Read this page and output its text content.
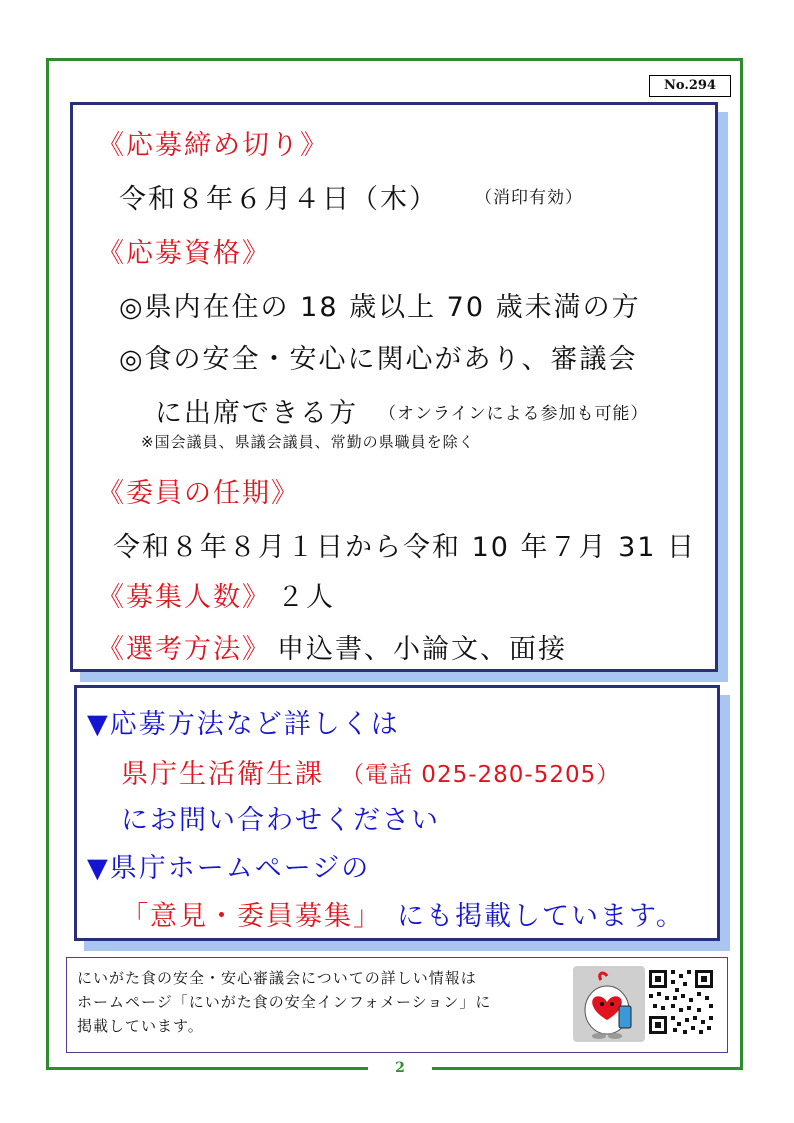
2
No.294
《応募締め切り》
令和８年６月４日（木） （消印有効）
《応募資格》
◎県内在住の 18 歳以上 70 歳未満の方
◎食の安全・安心に関心があり、審議会
に出席できる方 （オンラインによる参加も可能）
※国会議員、県議会議員、常勤の県職員を除く
《委員の任期》
令和８年８月１日から令和 10 年７月 31 日
《募集人数》 ２人
《選考方法》 申込書、小論文、面接
▼応募方法など詳しくは
県庁生活衛生課 （電話 025-280-5205）
にお問い合わせください
▼県庁ホームページの
「意見・委員募集」 にも掲載しています。
にいがた食の安全・安心審議会についての詳しい情報は
ホームページ「にいがた食の安全インフォメーション」に
掲載しています。
